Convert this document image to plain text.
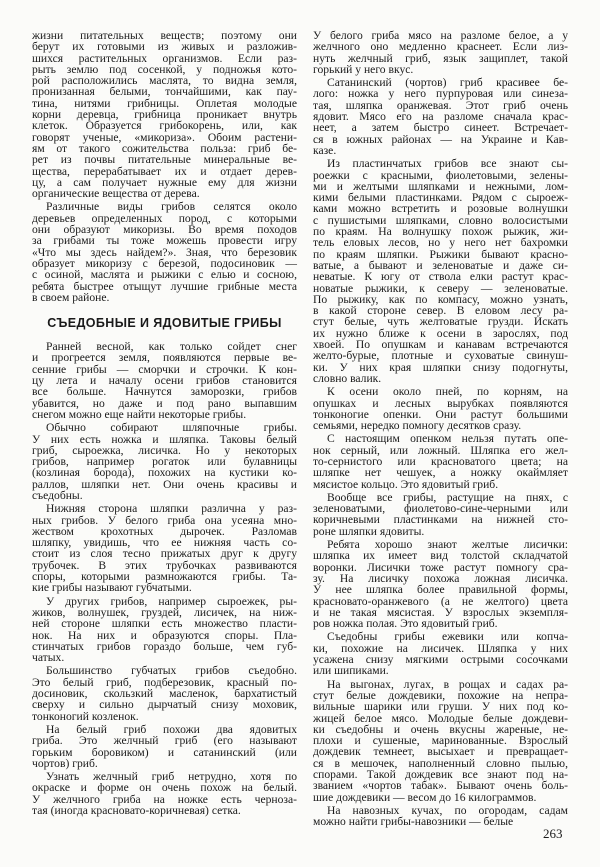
жизни питательных веществ; поэтому они
берут их готовыми из живых и разложив-
шихся растительных организмов. Если раз-
рыть землю под сосенкой, у подножья кото-
рой расположились маслята, то видна земля,
пронизанная белыми, тончайшими, как пау-
тина, нитями грибницы. Оплетая молодые
корни деревца, грибница проникает внутрь
клеток. Образуется грибокорень, или, как
говорят ученые, «микориза». Обоим растени-
ям от такого сожительства польза: гриб бе-
рет из почвы питательные минеральные ве-
щества, перерабатывает их и отдает дерев-
цу, а сам получает нужные ему для жизни
органические вещества от дерева.
Различные виды грибов селятся около
деревьев определенных пород, с которыми
они образуют микоризы. Во время походов
за грибами ты тоже можешь провести игру
«Что мы здесь найдем?». Зная, что березовик
образует микоризу с березой, подосиновик —
с осиной, маслята и рыжики с елью и сосною,
ребята быстрее отыщут лучшие грибные места
в своем районе.
СЪЕДОБНЫЕ И ЯДОВИТЫЕ ГРИБЫ
Ранней весной, как только сойдет снег
и прогреется земля, появляются первые ве-
сенние грибы — сморчки и строчки. К кон-
цу лета и началу осени грибов становится
все больше. Начнутся заморозки, грибов
убавится, но даже и под рано выпавшим
снегом можно еще найти некоторые грибы.
Обычно собирают шляпочные грибы.
У них есть ножка и шляпка. Таковы белый
гриб, сыроежка, лисичка. Но у некоторых
грибов, например рогаток или булавницы
(козлиная борода), похожих на кустики ко-
раллов, шляпки нет. Они очень красивы и
съедобны.
Нижняя сторона шляпки различна у раз-
ных грибов. У белого гриба она усеяна мно-
жеством крохотных дырочек. Разломав
шляпку, увидишь, что ее нижняя часть со-
стоит из слоя тесно прижатых друг к другу
трубочек. В этих трубочках развиваются
споры, которыми размножаются грибы. Та-
кие грибы называют губчатыми.
У других грибов, например сыроежек, ры-
жиков, волнушек, груздей, лисичек, на ниж-
ней стороне шляпки есть множество пласти-
нок. На них и образуются споры. Пла-
стинчатых грибов гораздо больше, чем губ-
чатых.
Большинство губчатых грибов съедобно.
Это белый гриб, подберезовик, красный по-
досиновик, скользкий масленок, бархатистый
сверху и сильно дырчатый снизу моховик,
тонконогий козленок.
На белый гриб похожи два ядовитых
гриба. Это желчный гриб (его называют
горьким боровиком) и сатанинский (или
чортов) гриб.
Узнать желчный гриб нетрудно, хотя по
окраске и форме он очень похож на белый.
У желчного гриба на ножке есть черноза-
тая (иногда красновато-коричневая) сетка.
У белого гриба мясо на разломе белое, а у
желчного оно медленно краснеет. Если лиз-
нуть желчный гриб, язык защиплет, такой
горький у него вкус.
Сатанинский (чортов) гриб красивее бе-
лого: ножка у него пурпуровая или синеза-
тая, шляпка оранжевая. Этот гриб очень
ядовит. Мясо его на разломе сначала крас-
неет, а затем быстро синеет. Встречает-
ся в южных районах — на Украине и Кав-
казе.
Из пластинчатых грибов все знают сы-
роежки с красными, фиолетовыми, зелены-
ми и желтыми шляпками и нежными, лом-
кими белыми пластинками. Рядом с сыроеж-
ками можно встретить и розовые волнушки
с пушистыми шляпками, словно волосистыми
по краям. На волнушку похож рыжик, жи-
тель еловых лесов, но у него нет бахромки
по краям шляпки. Рыжики бывают красно-
ватые, а бывают и зеленоватые и даже си-
неватые. К югу от ствола елки растут крас-
новатые рыжики, к северу — зеленоватые.
По рыжику, как по компасу, можно узнать,
в какой стороне север. В еловом лесу ра-
стут белые, чуть желтоватые грузди. Искать
их нужно ближе к осени в зарослях, под
хвоей. По опушкам и канавам встречаются
желто-бурые, плотные и суховатые свинуш-
ки. У них края шляпки снизу подогнуты,
словно валик.
К осени около пней, по корням, на
опушках и лесных вырубках появляются
тонконогие опенки. Они растут большими
семьями, нередко помногу десятков сразу.
С настоящим опенком нельзя путать опе-
нок серный, или ложный. Шляпка его жел-
то-сернистого или красноватого цвета; на
шляпке нет чешуек, а ножку окаймляет
мясистое кольцо. Это ядовитый гриб.
Вообще все грибы, растущие на пнях, с
зеленоватыми, фиолетово-сине-черными или
коричневыми пластинками на нижней сто-
роне шляпки ядовиты.
Ребята хорошо знают желтые лисички:
шляпка их имеет вид толстой складчатой
воронки. Лисички тоже растут помногу сра-
зу. На лисичку похожа ложная лисичка.
У нее шляпка более правильной формы,
красновато-оранжевого (а не желтого) цвета
и не такая мясистая. У взрослых экземпля-
ров ножка полая. Это ядовитый гриб.
Съедобны грибы ежевики или копча-
ки, похожие на лисичек. Шляпка у них
усажена снизу мягкими острыми сосочками
или шипиками.
На выгонах, лугах, в рощах и садах ра-
стут белые дождевики, похожие на непра-
вильные шарики или груши. У них под ко-
жицей белое мясо. Молодые белые дождеви-
ки съедобны и очень вкусны жареные, не-
плохи и сушеные, маринованные. Взрослый
дождевик темнеет, высыхает и превращает-
ся в мешочек, наполненный словно пылью,
спорами. Такой дождевик все знают под на-
званием «чортов табак». Бывают очень боль-
шие дождевики — весом до 16 килограммов.
На навозных кучах, по огородам, садам
можно найти грибы-навозники — белые
263
